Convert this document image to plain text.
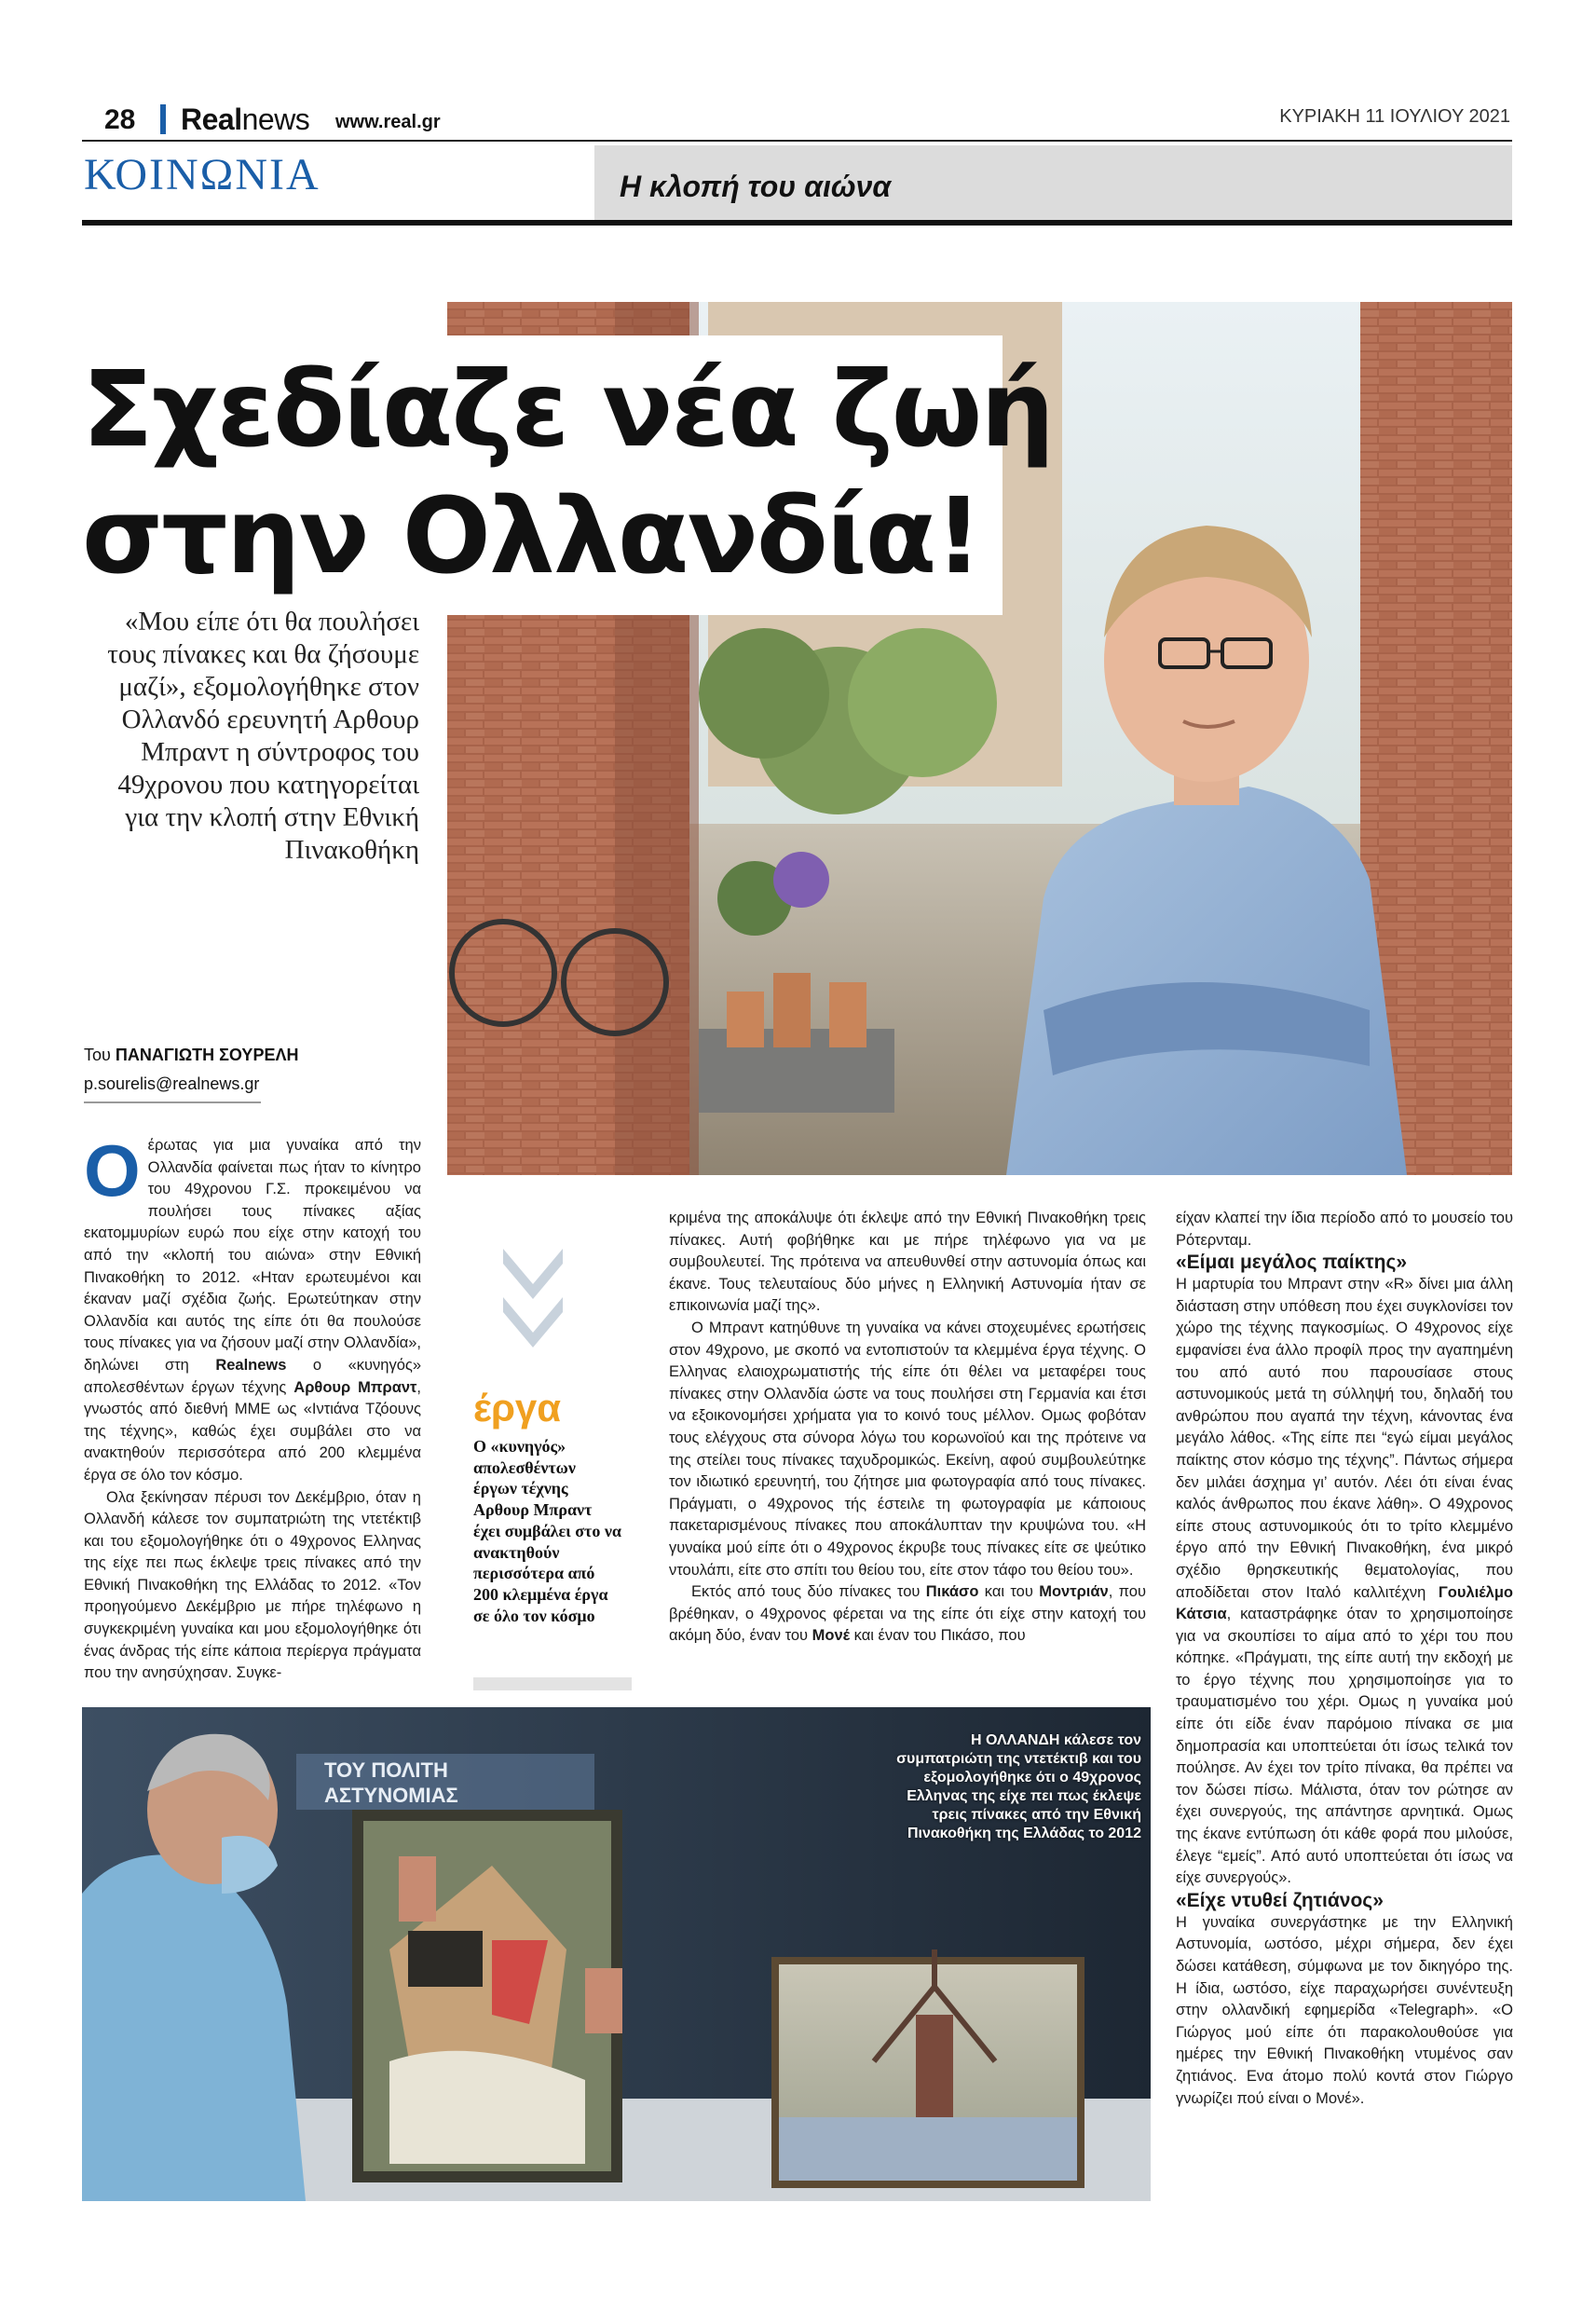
28 Realnews www.real.gr	ΚΥΡΙΑΚΗ 11 ΙΟΥΛΙΟΥ 2021
ΚΟΙΝΩΝΙΑ	Η κλοπή του αιώνα
Σχεδίαζε νέα ζωή
στην Ολλανδία!
«Μου είπε ότι θα πουλήσει τους πίνακες και θα ζήσουμε μαζί», εξομολογήθηκε στον Ολλανδό ερευνητή Αρθουρ Μπραντ η σύντροφος του 49χρονου που κατηγορείται για την κλοπή στην Εθνική Πινακοθήκη
Του ΠΑΝΑΓΙΩΤΗ ΣΟΥΡΕΛΗ
p.sourelis@realnews.gr

Οέρωτας για μια γυναίκα από την Ολλανδία φαίνεται πως ήταν το κίνητρο του 49χρονου Γ.Σ. προκειμένου να πουλήσει τους πίνακες αξίας εκατομμυρίων ευρώ που είχε στην κατοχή του από την «κλοπή του αιώνα» στην Εθνική Πινακοθήκη το 2012. «Ηταν ερωτευμένοι και έκαναν μαζί σχέδια ζωής. Ερωτεύτηκαν στην Ολλανδία και αυτός της είπε ότι θα πουλούσε τους πίνακες για να ζήσουν μαζί στην Ολλανδία», δηλώνει στη Realnews ο «κυνηγός» απολεσθέντων έργων τέχνης Αρθουρ Μπραντ, γνωστός από διεθνή ΜΜΕ ως «Ιντιάνα Τζόουνς της τέχνης», καθώς έχει συμβάλει στο να ανακτηθούν περισσότερα από 200 κλεμμένα έργα σε όλο τον κόσμο.

Ολα ξεκίνησαν πέρυσι τον Δεκέμβριο, όταν η Ολλανδή κάλεσε τον συμπατριώτη της ντετέκτιβ και του εξομολογήθηκε ότι ο 49χρονος Ελληνας της είχε πει πως έκλεψε τρεις πίνακες από την Εθνική Πινακοθήκη της Ελλάδας το 2012. «Τον προηγούμενο Δεκέμβριο με πήρε τηλέφωνο η συγκεκριμένη γυναίκα και μου εξομολογήθηκε ότι ένας άνδρας τής είπε κάποια περίεργα πράγματα που την ανησύχησαν. Συγκε-

έργα
Ο «κυνηγός» απολεσθέντων έργων τέχνης Αρθουρ Μπραντ έχει συμβάλει στο να ανακτηθούν περισσότερα από 200 κλεμμένα έργα σε όλο τον κόσμο

κριμένα της αποκάλυψε ότι έκλεψε από την Εθνική Πινακοθήκη τρεις πίνακες. Αυτή φοβήθηκε και με πήρε τηλέφωνο για να με συμβουλευτεί. Της πρότεινα να απευθυνθεί στην αστυνομία όπως και έκανε. Τους τελευταίους δύο μήνες η Ελληνική Αστυνομία ήταν σε επικοινωνία μαζί της».

Ο Μπραντ κατηύθυνε τη γυναίκα να κάνει στοχευμένες ερωτήσεις στον 49χρονο, με σκοπό να εντοπιστούν τα κλεμμένα έργα τέχνης. Ο Ελληνας ελαιοχρωματιστής τής είπε ότι θέλει να μεταφέρει τους πίνακες στην Ολλανδία ώστε να τους πουλήσει στη Γερμανία και έτσι να εξοικονομήσει χρήματα για το κοινό τους μέλλον. Ομως φοβόταν τους ελέγχους στα σύνορα λόγω του κορωνοϊού και της πρότεινε να της στείλει τους πίνακες ταχυδρομικώς. Εκείνη, αφού συμβουλεύτηκε τον ιδιωτικό ερευνητή, του ζήτησε μια φωτογραφία από τους πίνακες. Πράγματι, ο 49χρονος τής έστειλε τη φωτογραφία με κάποιους πακεταρισμένους πίνακες που αποκάλυπταν την κρυψώνα του. «Η γυναίκα μού είπε ότι ο 49χρονος έκρυβε τους πίνακες είτε σε ψεύτικο ντουλάπι, είτε στο σπίτι του θείου του, είτε στον τάφο του θείου του».

Εκτός από τους δύο πίνακες του Πικάσο και του Μοντριάν, που βρέθηκαν, ο 49χρονος φέρεται να της είπε ότι είχε στην κατοχή του ακόμη δύο, έναν του Μονέ και έναν του Πικάσο, που

είχαν κλαπεί την ίδια περίοδο από το μουσείο του Ρότερνταμ.

«Είμαι μεγάλος παίκτης»

Η μαρτυρία του Μπραντ στην «R» δίνει μια άλλη διάσταση στην υπόθεση που έχει συγκλονίσει τον χώρο της τέχνης παγκοσμίως. Ο 49χρονος είχε εμφανίσει ένα άλλο προφίλ προς την αγαπημένη του από αυτό που παρουσίασε στους αστυνομικούς μετά τη σύλληψή του, δηλαδή του ανθρώπου που αγαπά την τέχνη, κάνοντας ένα μεγάλο λάθος. «Της είπε πει “εγώ είμαι μεγάλος παίκτης στον κόσμο της τέχνης”. Πάντως σήμερα δεν μιλάει άσχημα γι’ αυτόν. Λέει ότι είναι ένας καλός άνθρωπος που έκανε λάθη». Ο 49χρονος είπε στους αστυνομικούς ότι το τρίτο κλεμμένο έργο από την Εθνική Πινακοθήκη, ένα μικρό σχέδιο θρησκευτικής θεματολογίας, που αποδίδεται στον Ιταλό καλλιτέχνη Γουλιέλμο Κάτσια, καταστράφηκε όταν το χρησιμοποίησε για να σκουπίσει το αίμα από το χέρι του που κόπηκε. «Πράγματι, της είπε αυτή την εκδοχή με το έργο τέχνης που χρησιμοποίησε για το τραυματισμένο του χέρι. Ομως η γυναίκα μού είπε ότι είδε έναν παρόμοιο πίνακα σε μια δημοπρασία και υποπτεύεται ότι ίσως τελικά τον πούλησε. Αν έχει τον τρίτο πίνακα, θα πρέπει να τον δώσει πίσω. Μάλιστα, όταν τον ρώτησε αν έχει συνεργούς, της απάντησε αρνητικά. Ομως της έκανε εντύπωση ότι κάθε φορά που μιλούσε, έλεγε “εμείς”. Από αυτό υποπτεύεται ότι ίσως να είχε συνεργούς».

«Είχε ντυθεί ζητιάνος»

Η γυναίκα συνεργάστηκε με την Ελληνική Αστυνομία, ωστόσο, μέχρι σήμερα, δεν έχει δώσει κατάθεση, σύμφωνα με τον δικηγόρο της. Η ίδια, ωστόσο, είχε παραχωρήσει συνέντευξη στην ολλανδική εφημερίδα «Telegraph». «Ο Γιώργος μού είπε ότι παρακολουθούσε για ημέρες την Εθνική Πινακοθήκη ντυμένος σαν ζητιάνος. Ενα άτομο πολύ κοντά στον Γιώργο γνωρίζει πού είναι ο Μονέ».

ΤΟΥ ΠΟΛΙΤΗ
ΑΣΤΥΝΟΜΙΑΣ
Η ΟΛΛΑΝΔΗ κάλεσε τον συμπατριώτη της ντετέκτιβ και του εξομολογήθηκε ότι ο 49χρονος Ελληνας της είχε πει πως έκλεψε τρεις πίνακες από την Εθνική Πινακοθήκη της Ελλάδας το 2012
